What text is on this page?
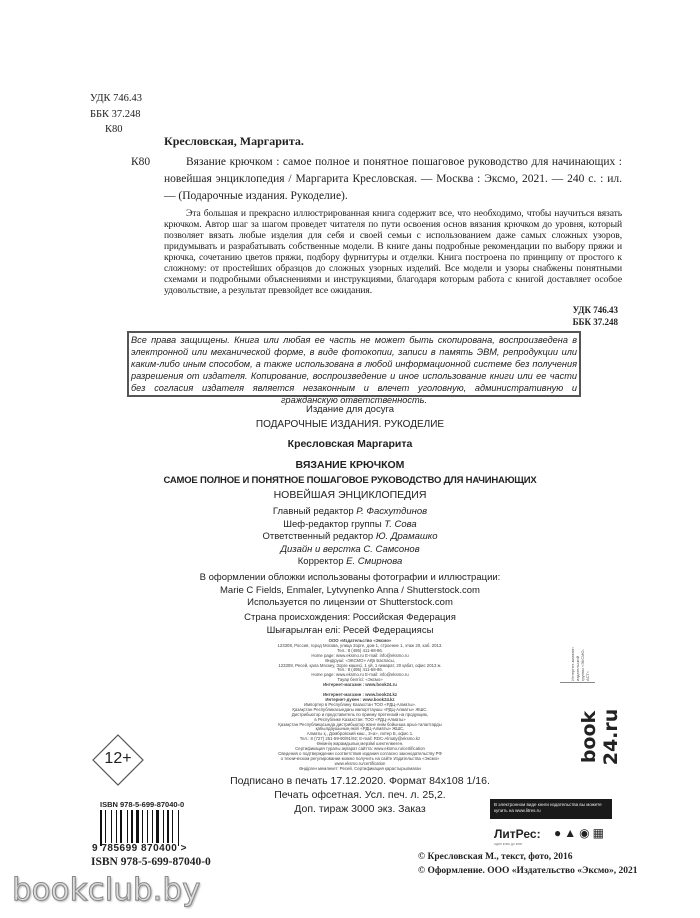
УДК 746.43
ББК 37.248
К80
Кресловская, Маргарита.
К80	Вязание крючком : самое полное и понятное пошаговое руководство для начинающих : новейшая энциклопедия / Маргарита Кресловская. — Москва : Эксмо, 2021. — 240 с. : ил. — (Подарочные издания. Рукоделие).
Эта большая и прекрасно иллюстрированная книга содержит все, что необходимо, чтобы научиться вязать крючком. Автор шаг за шагом проведет читателя по пути освоения основ вязания крючком до уровня, который позволяет вязать любые изделия для себя и своей семьи с использованием даже самых сложных узоров, придумывать и разрабатывать собственные модели. В книге даны подробные рекомендации по выбору пряжи и крючка, сочетанию цветов пряжи, подбору фурнитуры и отделки. Книга построена по принципу от простого к сложному: от простейших образцов до сложных узорных изделий. Все модели и узоры снабжены понятными схемами и подробными объяснениями и инструкциями, благодаря которым работа с книгой доставляет особое удовольствие, а результат превзойдет все ожидания.
УДК 746.43
ББК 37.248
Все права защищены. Книга или любая ее часть не может быть скопирована, воспроизведена в электронной или механической форме, в виде фотокопии, записи в память ЭВМ, репродукции или каким-либо иным способом, а также использована в любой информационной системе без получения разрешения от издателя. Копирование, воспроизведение и иное использование книги или ее части без согласия издателя является незаконным и влечет уголовную, административную и гражданскую ответственность.
Издание для досуга
ПОДАРОЧНЫЕ ИЗДАНИЯ. РУКОДЕЛИЕ
Кресловская Маргарита
ВЯЗАНИЕ КРЮЧКОМ
САМОЕ ПОЛНОЕ И ПОНЯТНОЕ ПОШАГОВОЕ РУКОВОДСТВО ДЛЯ НАЧИНАЮЩИХ
НОВЕЙШАЯ ЭНЦИКЛОПЕДИЯ
Главный редактор Р. Фасхутдинов
Шеф-редактор группы Т. Сова
Ответственный редактор Ю. Драмашко
Дизайн и верстка С. Самсонов
Корректор Е. Смирнова
В оформлении обложки использованы фотографии и иллюстрации:
Marie C Fields, Enmaler, Lytvynenko Anna / Shutterstock.com
Используется по лицензии от Shutterstock.com
Страна происхождения: Российская Федерация
Шығарылған елі: Ресей Федерациясы
ООО «Издательство «Эксмо»
123308, Россия, город Москва, улица Зорге, дом 1, строение 1, этаж 20, каб. 2013.
Тел.: 8 (495) 411-68-86.
Home page: www.eksmo.ru E-mail: info@eksmo.ru
Өндіруші: «ЭКСМО» АҚБ Баспасы,
123308, Ресей, қала Мәскеу, Зорге көшесі, 1 үй, 1 ғимарат, 20 қабат, офис 2013 ж.
Тел.: 8 (495) 411-68-86.
Home page: www.eksmo.ru E-mail: info@eksmo.ru
Тауар белгісі: «Эксмо»
Интернет-магазин : www.book24.ru
Интернет-магазин : www.book24.kz
Интернет-дүкен : www.book24.kz
Импортер в Республику Казахстан ТОО «РДЦ-Алматы».
Қазақстан Республикасындағы импорттаушы «РДЦ-Алматы» ЖШС.
Дистрибьютор и представитель по приему претензий на продукцию,
в Республике Казахстан: ТОО «РДЦ-Алматы»
Қазақстан Республикасында дистрибьютор және өнім бойынша арыз-талаптарды
қабылдаушының өкілі «РДЦ-Алматы» ЖШС,
Алматы қ., Домбровский көш., 3«а», литер Б, офис 1.
Тел.: 8 (727) 251-59-90/91/92; E-mail: RDC-Almaty@eksmo.kz
Өнімнің жарамдылық мерзімі шектелмеген.
Сертификация туралы ақпарат сайтта: www.eksmo.ru/certification
Сведения о подтверждении соответствия издания согласно законодательству РФ
о техническом регулировании можно получить на сайте Издательства «Эксмо»
www.eksmo.ru/certification
Өндірген мемлекет: Ресей. Сертификация қарастырылмаған
Подписано в печать 17.12.2020. Формат 84x108 1/16.
Печать офсетная. Усл. печ. л. 25,2.
Доп. тираж 3000 экз. Заказ
12+
ISBN 978-5-699-87040-0
9 785699 870400 >
ISBN 978-5-699-87040-0
bookclub.by
Интернет-магазин издательской группы «ЭКСМО-АСТ»
book 24.ru
В электронном виде книги издательства вы можете купить на www.litres.ru
ЛитРес:
один клик до книг
●▲◉▦
© Кресловская М., текст, фото, 2016
© Оформление. ООО «Издательство «Эксмо», 2021
